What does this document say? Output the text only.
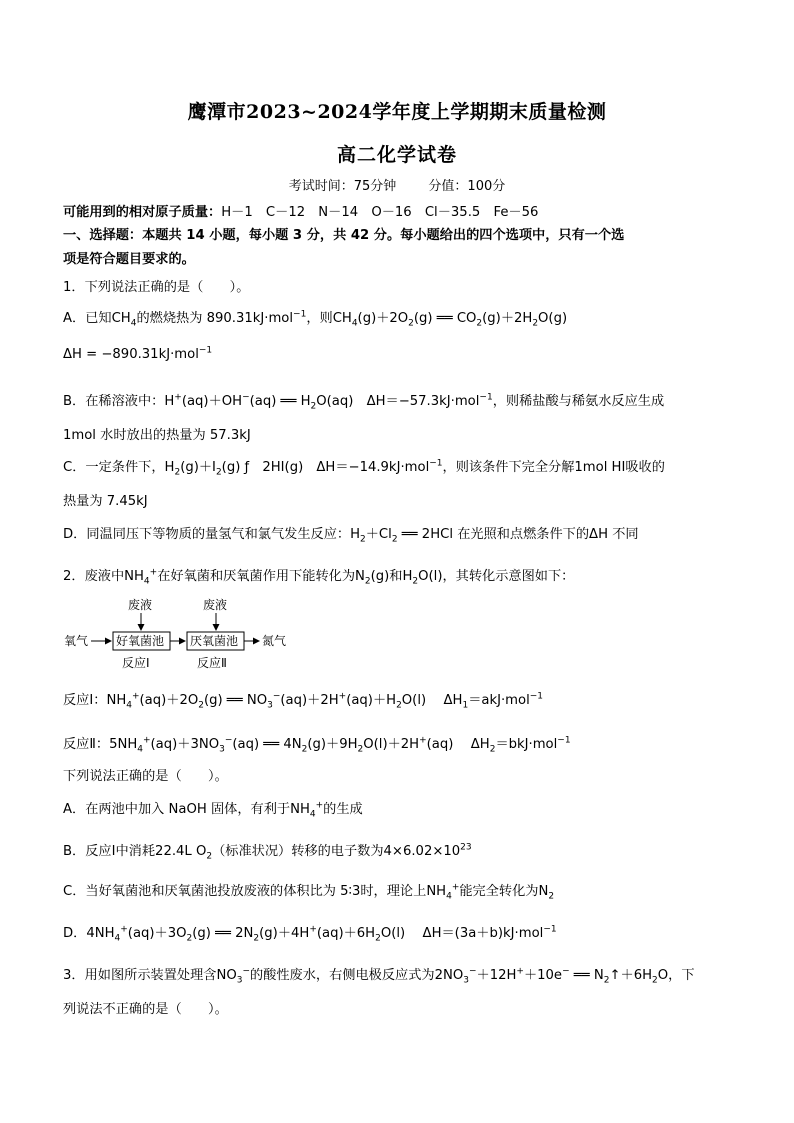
鹰潭市2023~2024学年度上学期期末质量检测
高二化学试卷
考试时间：75分钟 分值：100分
可能用到的相对原子质量：H－1　C－12　N－14　O－16　Cl－35.5　Fe－56
一、选择题：本题共 14 小题，每小题 3 分，共 42 分。每小题给出的四个选项中，只有一个选
项是符合题目要求的。
1．下列说法正确的是（　　）。
A．已知$CH_4$的燃烧热为 890.31kJ·mol$^{-1}$，则$CH_4(g)+2O_2(g)$ ══ $CO_2(g)+2H_2O(g)$
ΔH = −890.31kJ·mol$^{-1}$
B．在稀溶液中：H+(aq)＋OH−(aq) ══ $H_2O(aq)$　ΔH＝−57.3kJ·mol$^{-1}$，则稀盐酸与稀氨水反应生成
1mol 水时放出的热量为 57.3kJ
C．一定条件下，$H_2(g)+I_2(g)$ ƒ　2HI(g)　ΔH＝−14.9kJ·mol$^{-1}$，则该条件下完全分解1mol HI吸收的
热量为 7.45kJ
D．同温同压下等物质的量氢气和氯气发生反应：$H_2+Cl_2$ ══ 2HCl 在光照和点燃条件下的ΔH 不同
2．废液中$NH_4^+$在好氧菌和厌氧菌作用下能转化为$N_2(g)$和$H_2O(l)$，其转化示意图如下：
废液	废液
氧气 好氧菌池 厌氧菌池 氮气
反应Ⅰ	反应Ⅱ
反应Ⅰ：$NH_4^+(aq)+2O_2(g)$ ══ $NO_3^-(aq)+2H^+(aq)+H_2O(l)$　 $\Delta H_1=akJ\cdot mol^{-1}$
反应Ⅱ：$5NH_4^+(aq)+3NO_3^-(aq)$ ══ $4N_2(g)+9H_2O(l)+2H^+(aq)$　 $\Delta H_2=bkJ\cdot mol^{-1}$
下列说法正确的是（　　）。
A．在两池中加入 NaOH 固体，有利于$NH_4^+$的生成
B．反应Ⅰ中消耗22.4L $O_2$（标准状况）转移的电子数为$4\times 6.02\times 10^{23}$
C．当好氧菌池和厌氧菌池投放废液的体积比为 5∶3时，理论上$NH_4^+$能完全转化为$N_2$
D．$4NH_4^+(aq)+3O_2(g)$ ══ $2N_2(g)+4H^+(aq)+6H_2O(l)$　 ΔH＝(3a＋b)kJ·mol$^{-1}$
3．用如图所示装置处理含$NO_3^-$的酸性废水，右侧电极反应式为$2NO_3^-+12H^++10e^-$ ══ $N_2↑+6H_2O$，下
列说法不正确的是（　　）。
